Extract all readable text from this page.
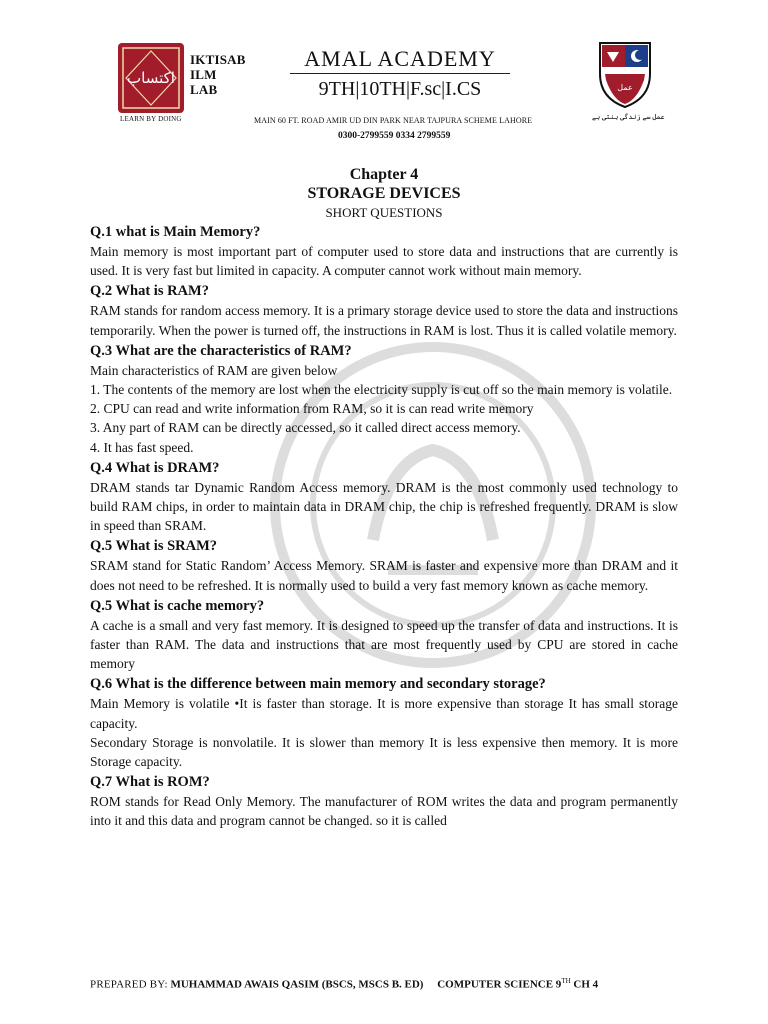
اکتساب
IKTISAB
ILM
LAB
LEARN BY DOING
AMAL ACADEMY
9TH|10TH|F.sc|I.CS
MAIN 60 FT. ROAD AMIR UD DIN PARK NEAR TAJPURA SCHEME LAHORE
0300-2799559 0334 2799559
عمل
عمل سے زندگی بنتی ہے

Chapter 4

STORAGE DEVICES

SHORT QUESTIONS

Q.1 what is Main Memory?

Main memory is most important part of computer used to store data and instructions that are currently is used. It is very fast but limited in capacity. A computer cannot work without main memory.

Q.2 What is RAM?

RAM stands for random access memory. It is a primary storage device used to store the data and instructions temporarily. When the power is turned off, the instructions in RAM is lost. Thus it is called volatile memory.

Q.3 What are the characteristics of RAM?

Main characteristics of RAM are given below

1. The contents of the memory are lost when the electricity supply is cut off so the main memory is volatile.

2. CPU can read and write information from RAM, so it is can read write memory

3. Any part of RAM can be directly accessed, so it called direct access memory.

4. It has fast speed.

Q.4 What is DRAM?

DRAM stands tar Dynamic Random Access memory. DRAM is the most commonly used technology to build RAM chips, in order to maintain data in DRAM chip, the chip is refreshed frequently. DRAM is slow in speed than SRAM.

Q.5 What is SRAM?

SRAM stand for Static Random’ Access Memory. SRAM is faster and expensive more than DRAM and it does not need to be refreshed. It is normally used to build a very fast memory known as cache memory.

Q.5 What is cache memory?

A cache is a small and very fast memory. It is designed to speed up the transfer of data and instructions. It is faster than RAM. The data and instructions that are most frequently used by CPU are stored in cache memory

Q.6 What is the difference between main memory and secondary storage?

Main Memory is volatile •It is faster than storage. It is more expensive than storage It has small storage capacity.

Secondary Storage is nonvolatile. It is slower than memory It is less expensive then memory. It is more Storage capacity.

Q.7 What is ROM?

ROM stands for Read Only Memory. The manufacturer of ROM writes the data and program permanently into it and this data and program cannot be changed. so it is called

PREPARED BY: MUHAMMAD AWAIS QASIM (BSCS, MSCS B. ED) COMPUTER SCIENCE 9TH CH 4
